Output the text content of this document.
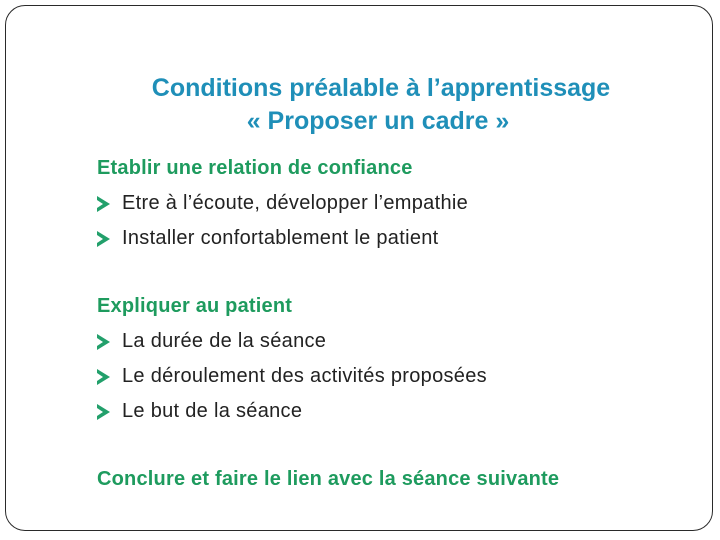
Conditions préalable à l’apprentissage
« Proposer un cadre »
Etablir une relation de confiance
Etre à l’écoute, développer l’empathie
Installer confortablement le patient
Expliquer au patient
La durée de la séance
Le déroulement des activités proposées
Le but de la séance
Conclure et faire le lien avec la séance suivante
